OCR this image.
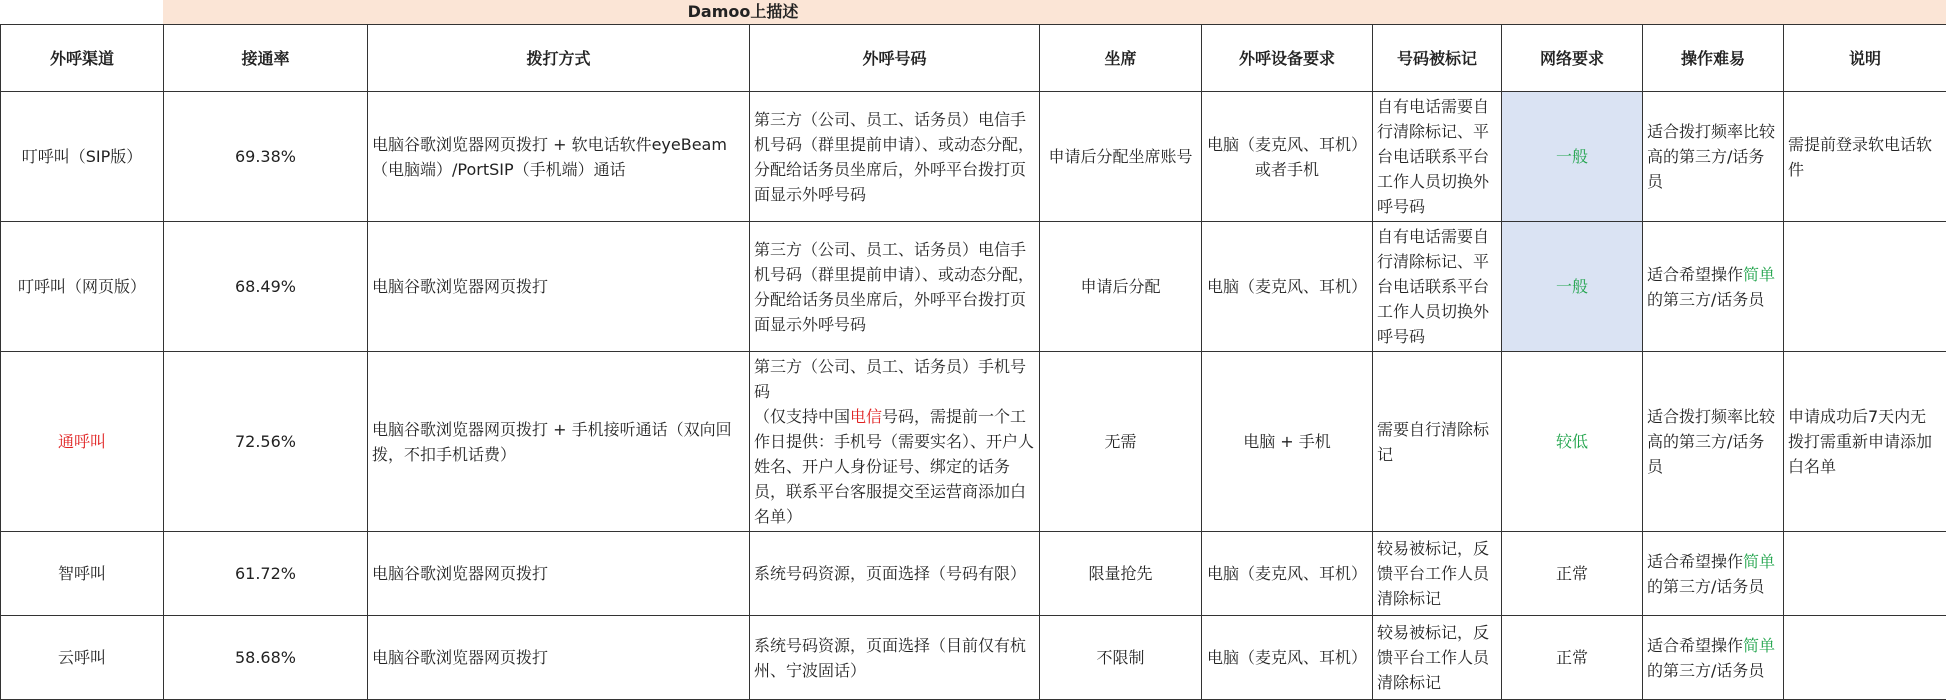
Damoo上描述
外呼渠道	接通率	拨打方式	外呼号码	坐席	外呼设备要求	号码被标记	网络要求	操作难易	说明
叮呼叫（SIP版）	69.38%	电脑谷歌浏览器网页拨打 + 软电话软件eyeBeam（电脑端）/PortSIP（手机端）通话	第三方（公司、员工、话务员）电信手机号码（群里提前申请）、或动态分配，分配给话务员坐席后，外呼平台拨打页面显示外呼号码	申请后分配坐席账号	电脑（麦克风、耳机）或者手机	自有电话需要自行清除标记、平台电话联系平台工作人员切换外呼号码	一般	适合拨打频率比较高的第三方/话务员	需提前登录软电话软件
叮呼叫（网页版）	68.49%	电脑谷歌浏览器网页拨打	第三方（公司、员工、话务员）电信手机号码（群里提前申请）、或动态分配，分配给话务员坐席后，外呼平台拨打页面显示外呼号码	申请后分配	电脑（麦克风、耳机）	自有电话需要自行清除标记、平台电话联系平台工作人员切换外呼号码	一般	适合希望操作简单的第三方/话务员	
通呼叫	72.56%	电脑谷歌浏览器网页拨打 + 手机接听通话（双向回拨，不扣手机话费）	第三方（公司、员工、话务员）手机号码
（仅支持中国电信号码，需提前一个工作日提供：手机号（需要实名）、开户人姓名、开户人身份证号、绑定的话务员，联系平台客服提交至运营商添加白名单）	无需	电脑 + 手机	需要自行清除标记	较低	适合拨打频率比较高的第三方/话务员	申请成功后7天内无拨打需重新申请添加白名单
智呼叫	61.72%	电脑谷歌浏览器网页拨打	系统号码资源，页面选择（号码有限）	限量抢先	电脑（麦克风、耳机）	较易被标记，反馈平台工作人员清除标记	正常	适合希望操作简单的第三方/话务员	
云呼叫	58.68%	电脑谷歌浏览器网页拨打	系统号码资源，页面选择（目前仅有杭州、宁波固话）	不限制	电脑（麦克风、耳机）	较易被标记，反馈平台工作人员清除标记	正常	适合希望操作简单的第三方/话务员	
